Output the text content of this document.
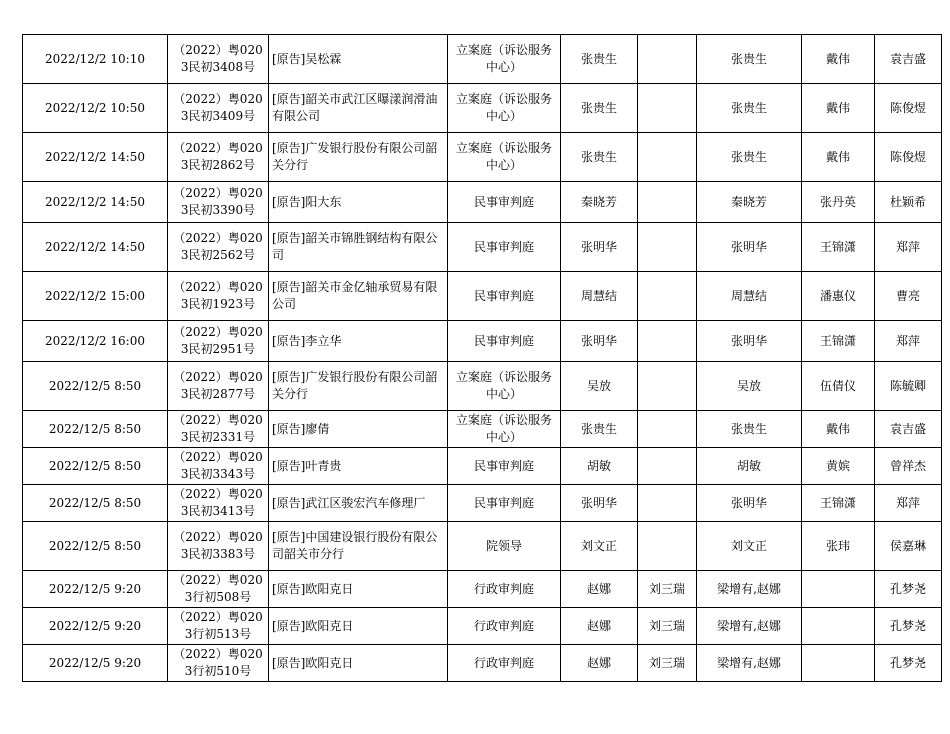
2022/12/2 10:10	（2022）粤0203民初3408号	[原告]吴松霖	立案庭（诉讼服务中心）	张贵生		张贵生	戴伟	袁吉盛
2022/12/2 10:50	（2022）粤0203民初3409号	[原告]韶关市武江区曝漾润滑油有限公司	立案庭（诉讼服务中心）	张贵生		张贵生	戴伟	陈俊煜
2022/12/2 14:50	（2022）粤0203民初2862号	[原告]广发银行股份有限公司韶关分行	立案庭（诉讼服务中心）	张贵生		张贵生	戴伟	陈俊煜
2022/12/2 14:50	（2022）粤0203民初3390号	[原告]阳大东	民事审判庭	秦晓芳		秦晓芳	张丹英	杜颖希
2022/12/2 14:50	（2022）粤0203民初2562号	[原告]韶关市锦胜钢结构有限公司	民事审判庭	张明华		张明华	王锦潇	郑萍
2022/12/2 15:00	（2022）粤0203民初1923号	[原告]韶关市金亿轴承贸易有限公司	民事审判庭	周慧结		周慧结	潘惠仪	曹亮
2022/12/2 16:00	（2022）粤0203民初2951号	[原告]李立华	民事审判庭	张明华		张明华	王锦潇	郑萍
2022/12/5 8:50	（2022）粤0203民初2877号	[原告]广发银行股份有限公司韶关分行	立案庭（诉讼服务中心）	吴放		吴放	伍倩仪	陈毓卿
2022/12/5 8:50	（2022）粤0203民初2331号	[原告]廖倩	立案庭（诉讼服务中心）	张贵生		张贵生	戴伟	袁吉盛
2022/12/5 8:50	（2022）粤0203民初3343号	[原告]叶青贵	民事审判庭	胡敏		胡敏	黄嫔	曾祥杰
2022/12/5 8:50	（2022）粤0203民初3413号	[原告]武江区骏宏汽车修理厂	民事审判庭	张明华		张明华	王锦潇	郑萍
2022/12/5 8:50	（2022）粤0203民初3383号	[原告]中国建设银行股份有限公司韶关市分行	院领导	刘文正		刘文正	张玮	侯嘉琳
2022/12/5 9:20	（2022）粤0203行初508号	[原告]欧阳克日	行政审判庭	赵娜	刘三瑞	梁增有,赵娜		孔梦尧
2022/12/5 9:20	（2022）粤0203行初513号	[原告]欧阳克日	行政审判庭	赵娜	刘三瑞	梁增有,赵娜		孔梦尧
2022/12/5 9:20	（2022）粤0203行初510号	[原告]欧阳克日	行政审判庭	赵娜	刘三瑞	梁增有,赵娜		孔梦尧
